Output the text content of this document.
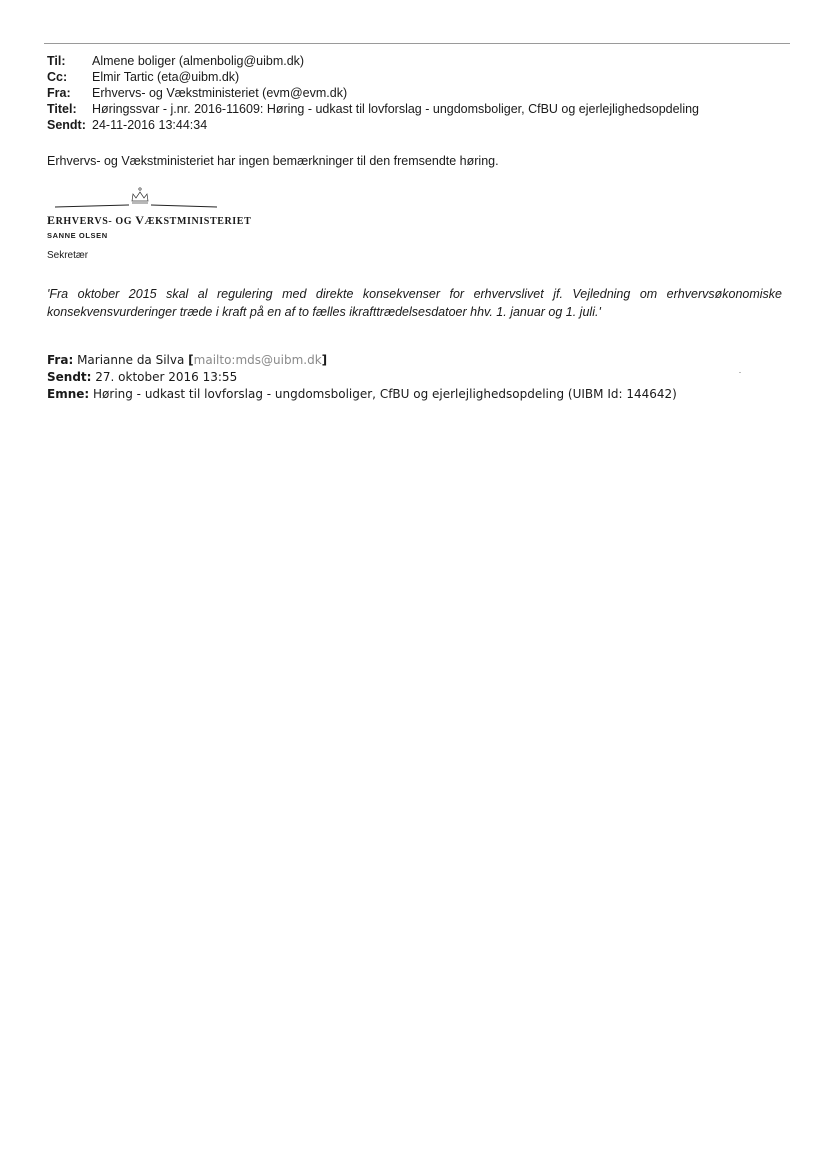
Til:	Almene boliger (almenbolig@uibm.dk)
Cc:	Elmir Tartic (eta@uibm.dk)
Fra:	Erhvervs- og Vækstministeriet (evm@evm.dk)
Titel:	Høringssvar - j.nr. 2016-11609: Høring - udkast til lovforslag - ungdomsboliger, CfBU og ejerlejlighedsopdeling
Sendt: 24-11-2016 13:44:34
Erhvervs- og Vækstministeriet har ingen bemærkninger til den fremsendte høring.
ERHVERVS- OG VÆKSTMINISTERIET
SANNE OLSEN
Sekretær
'Fra oktober 2015 skal al regulering med direkte konsekvenser for erhvervslivet jf. Vejledning om erhvervsøkonomiske konsekvensvurderinger træde i kraft på en af to fælles ikrafttrædelsesdatoer hhv. 1. januar og 1. juli.'
Fra: Marianne da Silva [mailto:mds@uibm.dk]
Sendt: 27. oktober 2016 13:55
Emne: Høring - udkast til lovforslag - ungdomsboliger, CfBU og ejerlejlighedsopdeling (UIBM Id: 144642)
